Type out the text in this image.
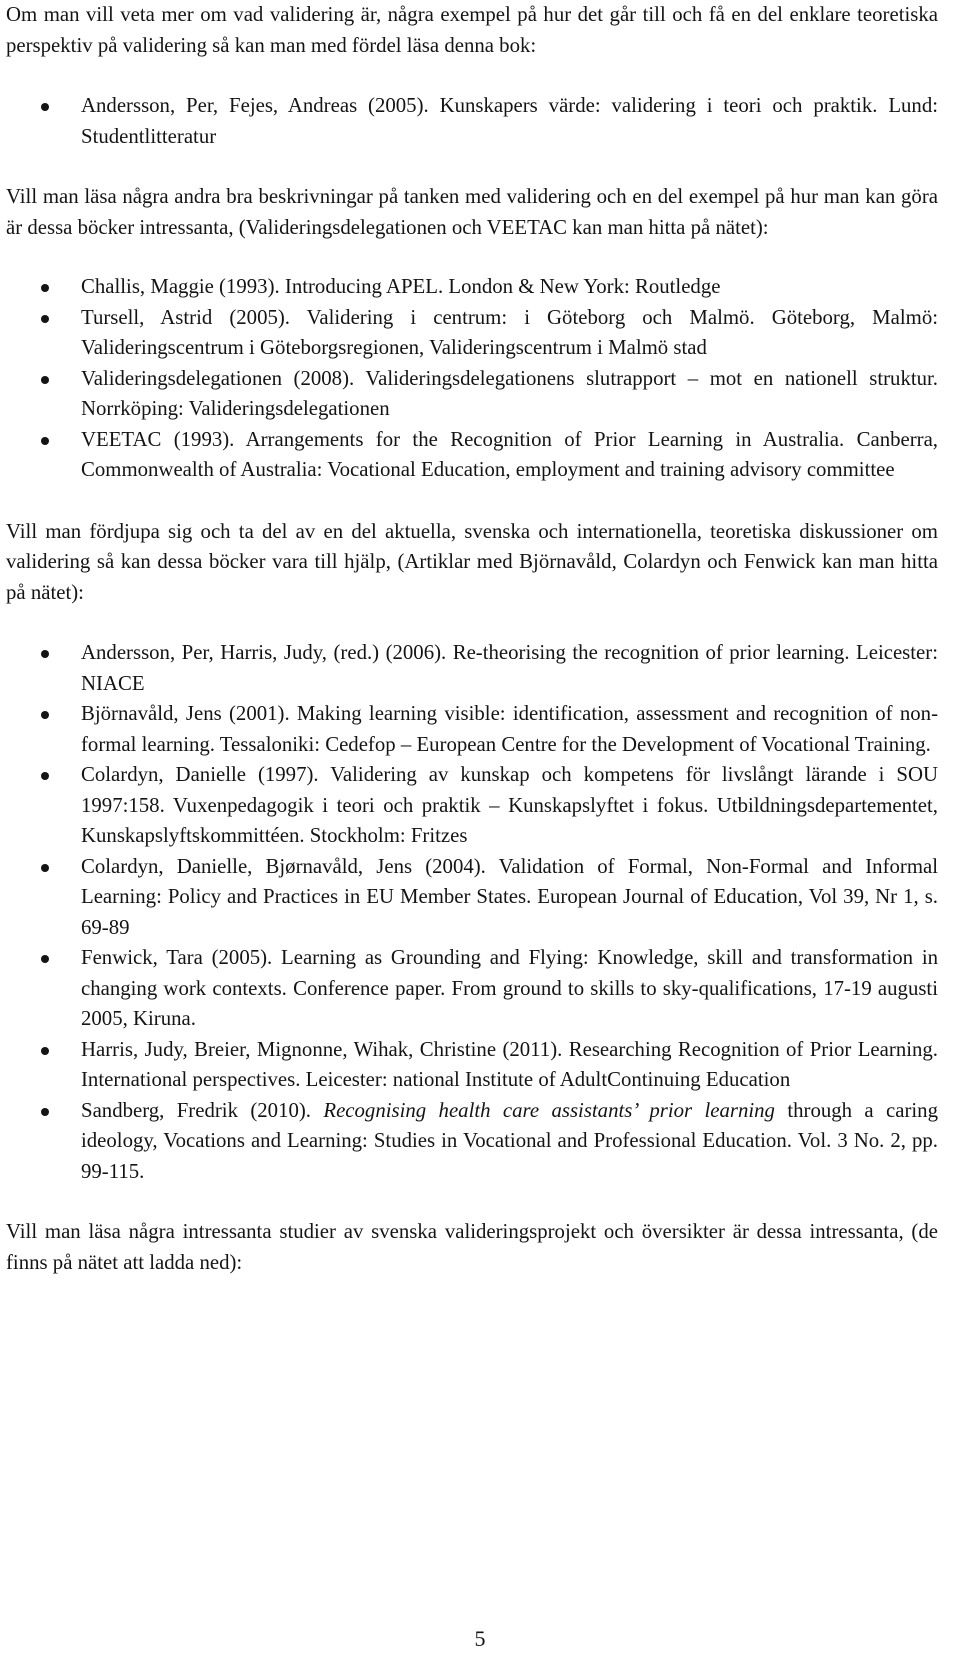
Om man vill veta mer om vad validering är, några exempel på hur det går till och få en del enklare teoretiska perspektiv på validering så kan man med fördel läsa denna bok:

Andersson, Per, Fejes, Andreas (2005). Kunskapers värde: validering i teori och praktik. Lund: Studentlitteratur

Vill man läsa några andra bra beskrivningar på tanken med validering och en del exempel på hur man kan göra är dessa böcker intressanta, (Valideringsdelegationen och VEETAC kan man hitta på nätet):

Challis, Maggie (1993). Introducing APEL. London & New York: Routledge
Tursell, Astrid (2005). Validering i centrum: i Göteborg och Malmö. Göteborg, Malmö: Valideringscentrum i Göteborgsregionen, Valideringscentrum i Malmö stad
Valideringsdelegationen (2008). Valideringsdelegationens slutrapport – mot en nationell struktur. Norrköping: Valideringsdelegationen
VEETAC (1993). Arrangements for the Recognition of Prior Learning in Australia. Canberra, Commonwealth of Australia: Vocational Education, employment and training advisory committee

Vill man fördjupa sig och ta del av en del aktuella, svenska och internationella, teoretiska diskussioner om validering så kan dessa böcker vara till hjälp, (Artiklar med Björnavåld, Colardyn och Fenwick kan man hitta på nätet):

Andersson, Per, Harris, Judy, (red.) (2006). Re-theorising the recognition of prior learning. Leicester: NIACE
Björnavåld, Jens (2001). Making learning visible: identification, assessment and recognition of non-formal learning. Tessaloniki: Cedefop – European Centre for the Development of Vocational Training.
Colardyn, Danielle (1997). Validering av kunskap och kompetens för livslångt lärande i SOU 1997:158. Vuxenpedagogik i teori och praktik – Kunskapslyftet i fokus. Utbildningsdepartementet, Kunskapslyftskommittéen. Stockholm: Fritzes
Colardyn, Danielle, Bjørnavåld, Jens (2004). Validation of Formal, Non-Formal and Informal Learning: Policy and Practices in EU Member States. European Journal of Education, Vol 39, Nr 1, s. 69-89
Fenwick, Tara (2005). Learning as Grounding and Flying: Knowledge, skill and transformation in changing work contexts. Conference paper. From ground to skills to sky-qualifications, 17-19 augusti 2005, Kiruna.
Harris, Judy, Breier, Mignonne, Wihak, Christine (2011). Researching Recognition of Prior Learning. International perspectives. Leicester: national Institute of AdultContinuing Education
Sandberg, Fredrik (2010). Recognising health care assistants’ prior learning through a caring ideology, Vocations and Learning: Studies in Vocational and Professional Education. Vol. 3 No. 2, pp. 99-115.

Vill man läsa några intressanta studier av svenska valideringsprojekt och översikter är dessa intressanta, (de finns på nätet att ladda ned):

5
